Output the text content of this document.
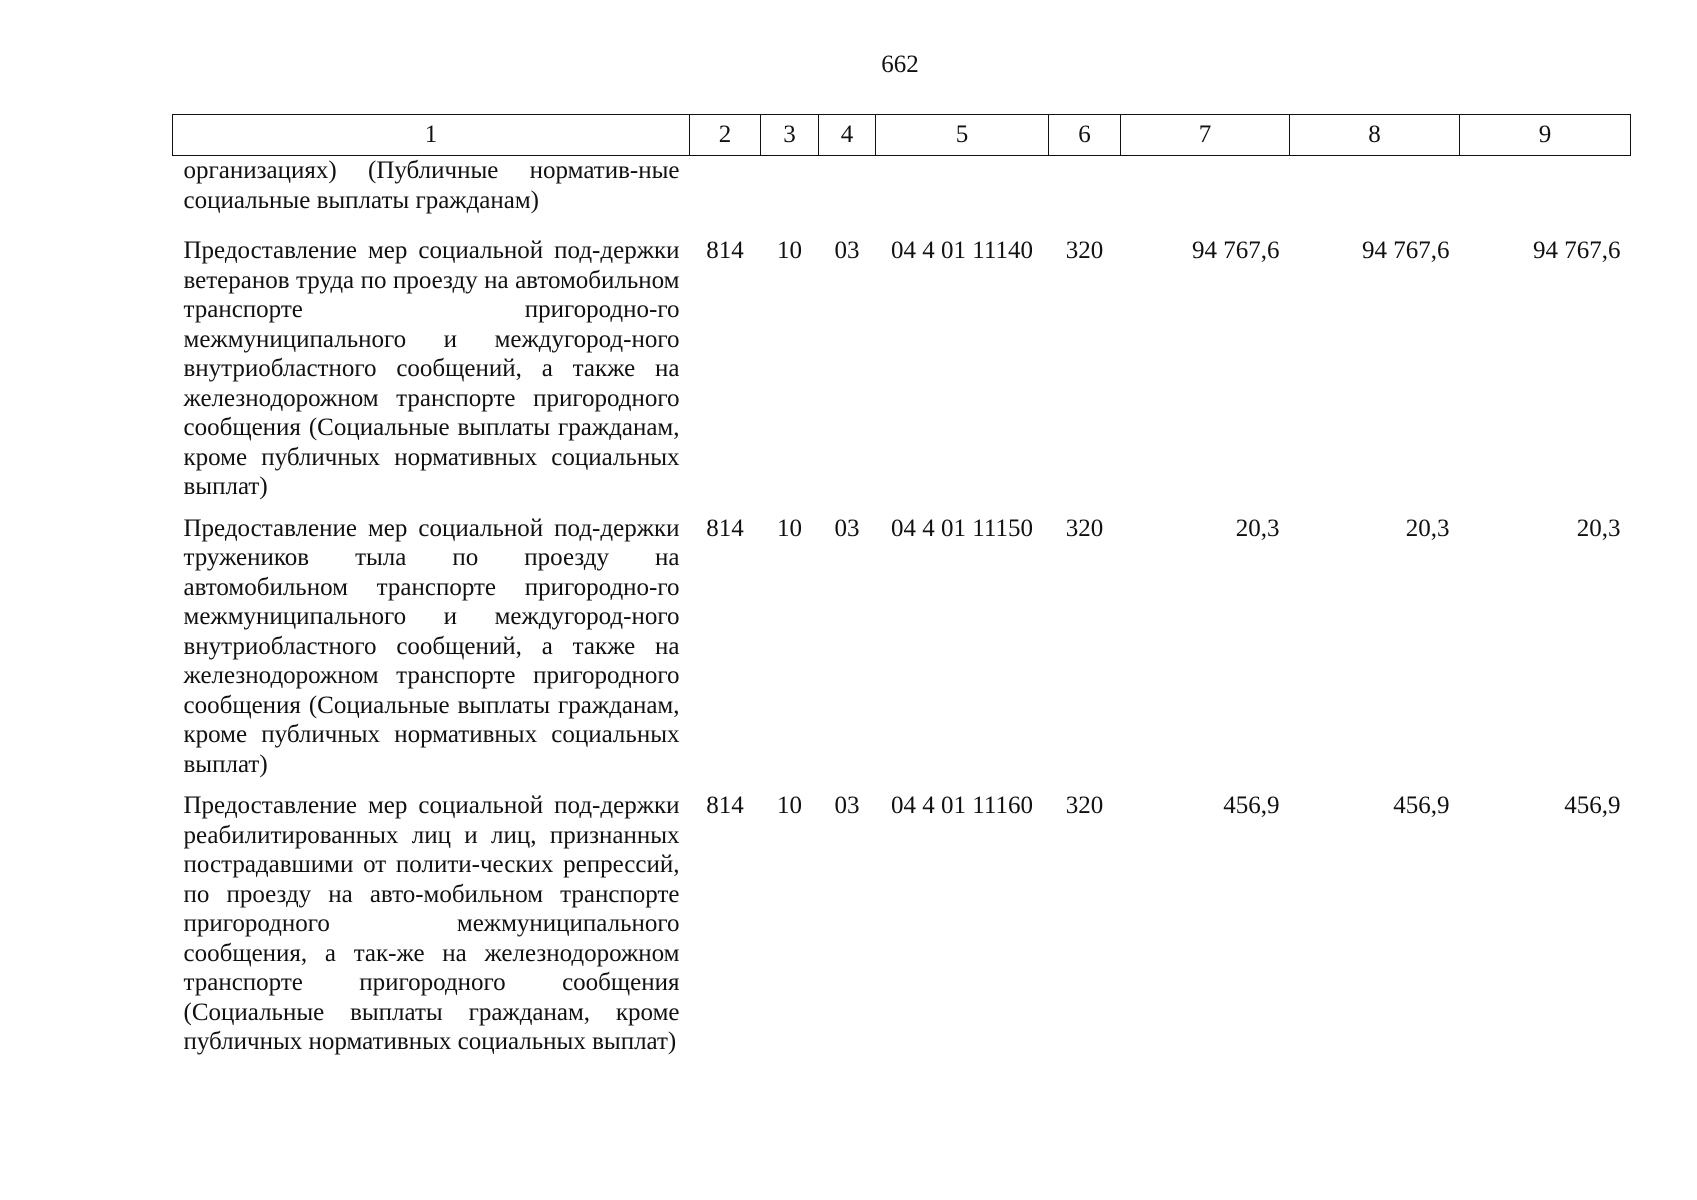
662
1	2	3	4	5	6	7	8	9
организациях) (Публичные норматив-ные социальные выплаты гражданам)								
Предоставление мер социальной под-держки ветеранов труда по проезду на автомобильном транспорте пригородно-го межмуниципального и междугород-ного внутриобластного сообщений, а также на железнодорожном транспорте пригородного сообщения (Социальные выплаты гражданам, кроме публичных нормативных социальных выплат)	814	10	03	04 4 01 11140	320	94 767,6	94 767,6	94 767,6
Предоставление мер социальной под-держки тружеников тыла по проезду на автомобильном транспорте пригородно-го межмуниципального и междугород-ного внутриобластного сообщений, а также на железнодорожном транспорте пригородного сообщения (Социальные выплаты гражданам, кроме публичных нормативных социальных выплат)	814	10	03	04 4 01 11150	320	20,3	20,3	20,3
Предоставление мер социальной под-держки реабилитированных лиц и лиц, признанных пострадавшими от полити-ческих репрессий, по проезду на авто-мобильном транспорте пригородного межмуниципального сообщения, а так-же на железнодорожном транспорте пригородного сообщения (Социальные выплаты гражданам, кроме публичных нормативных социальных выплат)	814	10	03	04 4 01 11160	320	456,9	456,9	456,9
